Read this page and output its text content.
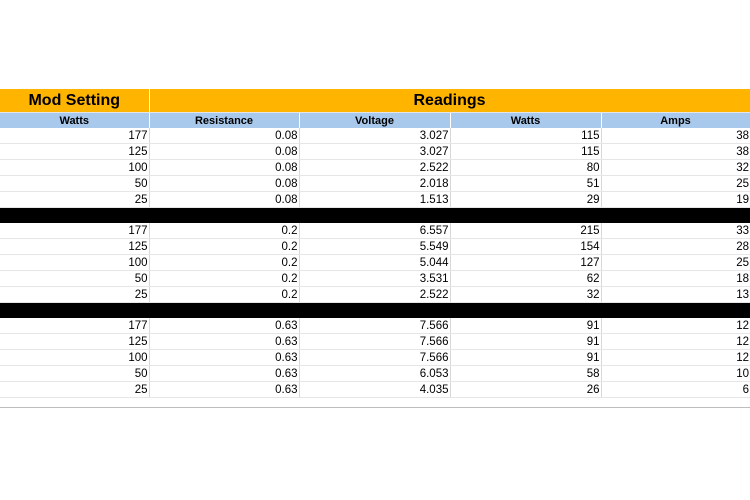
Mod Setting	Readings			
Watts	Resistance	Voltage	Watts	Amps
177	0.08	3.027	115	38
125	0.08	3.027	115	38
100	0.08	2.522	80	32
50	0.08	2.018	51	25
25	0.08	1.513	29	19

177	0.2	6.557	215	33
125	0.2	5.549	154	28
100	0.2	5.044	127	25
50	0.2	3.531	62	18
25	0.2	2.522	32	13

177	0.63	7.566	91	12
125	0.63	7.566	91	12
100	0.63	7.566	91	12
50	0.63	6.053	58	10
25	0.63	4.035	26	6
